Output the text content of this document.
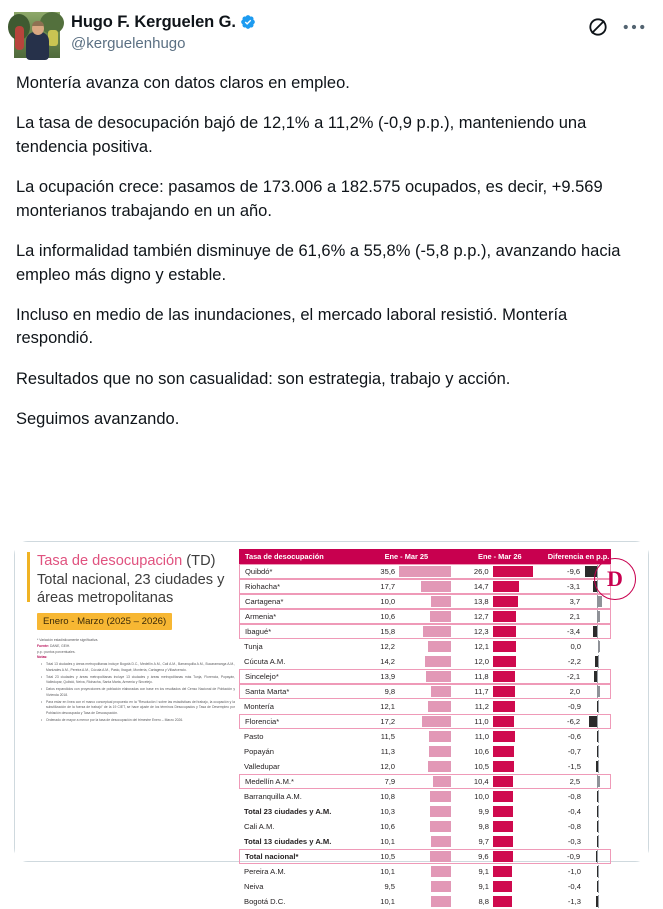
Hugo F. Kerguelen G.
@kerguelenhugo

Montería avanza con datos claros en empleo.

La tasa de desocupación bajó de 12,1% a 11,2% (-0,9 p.p.), manteniendo una tendencia positiva.

La ocupación crece: pasamos de 173.006 a 182.575 ocupados, es decir, +9.569 monterianos trabajando en un año.

La informalidad también disminuye de 61,6% a 55,8% (-5,8 p.p.), avanzando hacia empleo más digno y estable.

Incluso en medio de las inundaciones, el mercado laboral resistió. Montería respondió.

Resultados que no son casualidad: son estrategia, trabajo y acción.

Seguimos avanzando.

Tasa de desocupación (TD)
Total nacional, 23 ciudades y áreas metropolitanas
Enero - Marzo (2025 – 2026)
* Variación estadísticamente significativa.
Fuente: DANE, GEIH.
p.p.: puntos porcentuales.
Notas:
• Total 13 ciudades y áreas metropolitanas incluye Bogotá D.C., Medellín A.M., Cali A.M., Barranquilla A.M., Bucaramanga A.M., Manizales A.M., Pereira A.M., Cúcuta A.M., Pasto, Ibagué, Montería, Cartagena y Villavicencio.
• Total 23 ciudades y áreas metropolitanas incluye 13 ciudades y áreas metropolitanas más Tunja, Florencia, Popayán, Valledupar, Quibdó, Neiva, Riohacha, Santa Marta, Armenia y Sincelejo.
• Datos expandidos con proyecciones de población elaboradas con base en los resultados del Censo Nacional de Población y Vivienda 2018.
• Para estar en línea con el marco conceptual propuesto en la "Resolución I sobre las estadísticas del trabajo, la ocupación y la subutilización de la fuerza de trabajo" de la 19 CIET, se hace ajuste de los términos Desocupados y Tasa de Desempleo por Población desocupada y Tasa de Desocupación.
• Ordenado de mayor a menor por la tasa de desocupación del trimestre Enero – Marzo 2026.
Tasa de desocupación	Ene - Mar 25	Ene - Mar 26	Diferencia en p.p.
Quibdó*	35,6	26,0	-9,6
Riohacha*	17,7	14,7	-3,1
Cartagena*	10,0	13,8	3,7
Armenia*	10,6	12,7	2,1
Ibagué*	15,8	12,3	-3,4
Tunja	12,2	12,1	0,0
Cúcuta A.M.	14,2	12,0	-2,2
Sincelejo*	13,9	11,8	-2,1
Santa Marta*	9,8	11,7	2,0
Montería	12,1	11,2	-0,9
Florencia*	17,2	11,0	-6,2
Pasto	11,5	11,0	-0,6
Popayán	11,3	10,6	-0,7
Valledupar	12,0	10,5	-1,5
Medellín A.M.*	7,9	10,4	2,5
Barranquilla A.M.	10,8	10,0	-0,8
Total 23 ciudades y A.M.	10,3	9,9	-0,4
Cali A.M.	10,6	9,8	-0,8
Total 13 ciudades y A.M.	10,1	9,7	-0,3
Total nacional*	10,5	9,6	-0,9
Pereira A.M.	10,1	9,1	-1,0
Neiva	9,5	9,1	-0,4
Bogotá D.C.	10,1	8,8	-1,3
D
